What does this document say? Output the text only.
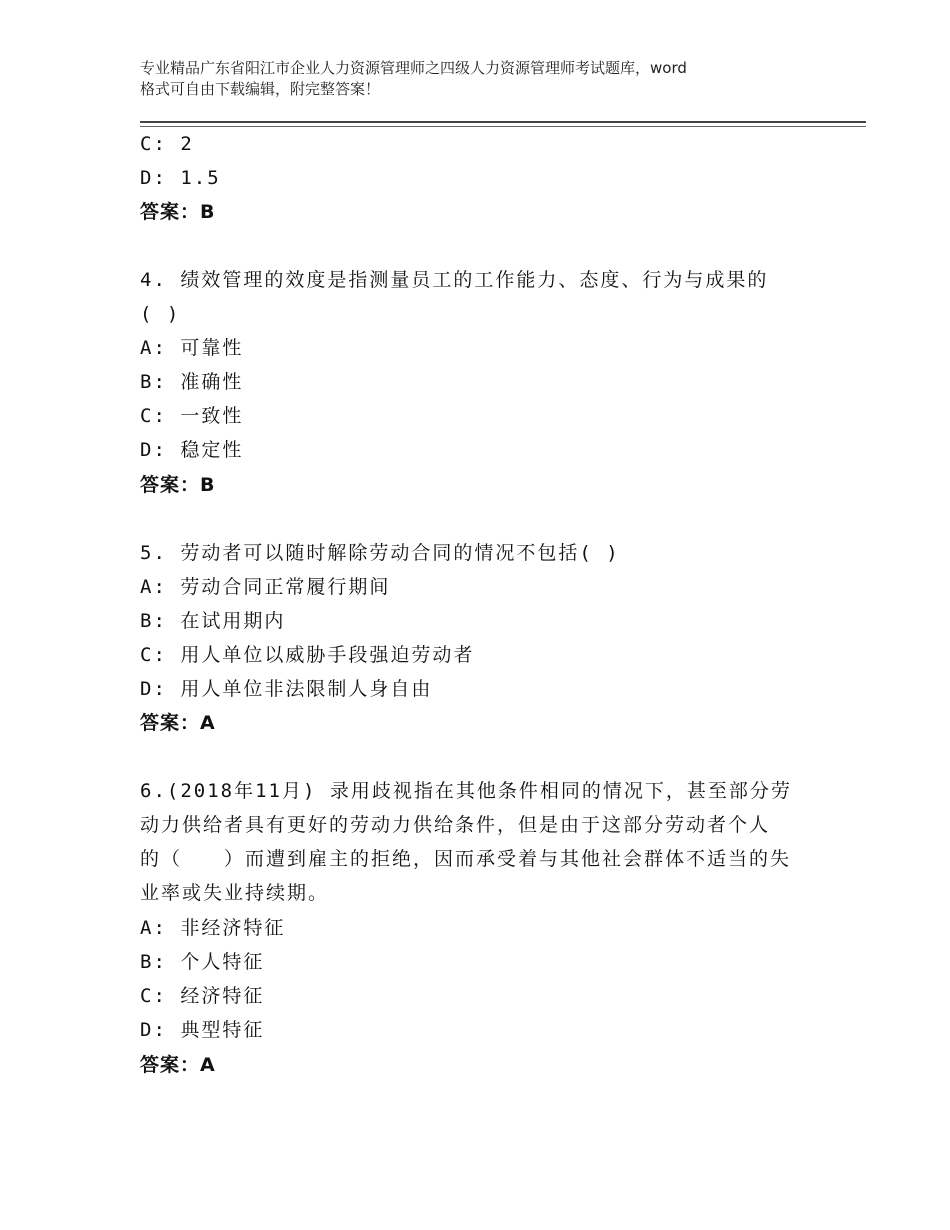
专业精品广东省阳江市企业人力资源管理师之四级人力资源管理师考试题库，word
格式可自由下载编辑，附完整答案！
C: 2
D: 1.5
答案：B
4. 绩效管理的效度是指测量员工的工作能力、态度、行为与成果的
( )
A: 可靠性
B: 准确性
C: 一致性
D: 稳定性
答案：B
5. 劳动者可以随时解除劳动合同的情况不包括( )
A: 劳动合同正常履行期间
B: 在试用期内
C: 用人单位以威胁手段强迫劳动者
D: 用人单位非法限制人身自由
答案：A
6.(2018年11月) 录用歧视指在其他条件相同的情况下，甚至部分劳
动力供给者具有更好的劳动力供给条件，但是由于这部分劳动者个人
的（　　）而遭到雇主的拒绝，因而承受着与其他社会群体不适当的失
业率或失业持续期。
A: 非经济特征
B: 个人特征
C: 经济特征
D: 典型特征
答案：A
